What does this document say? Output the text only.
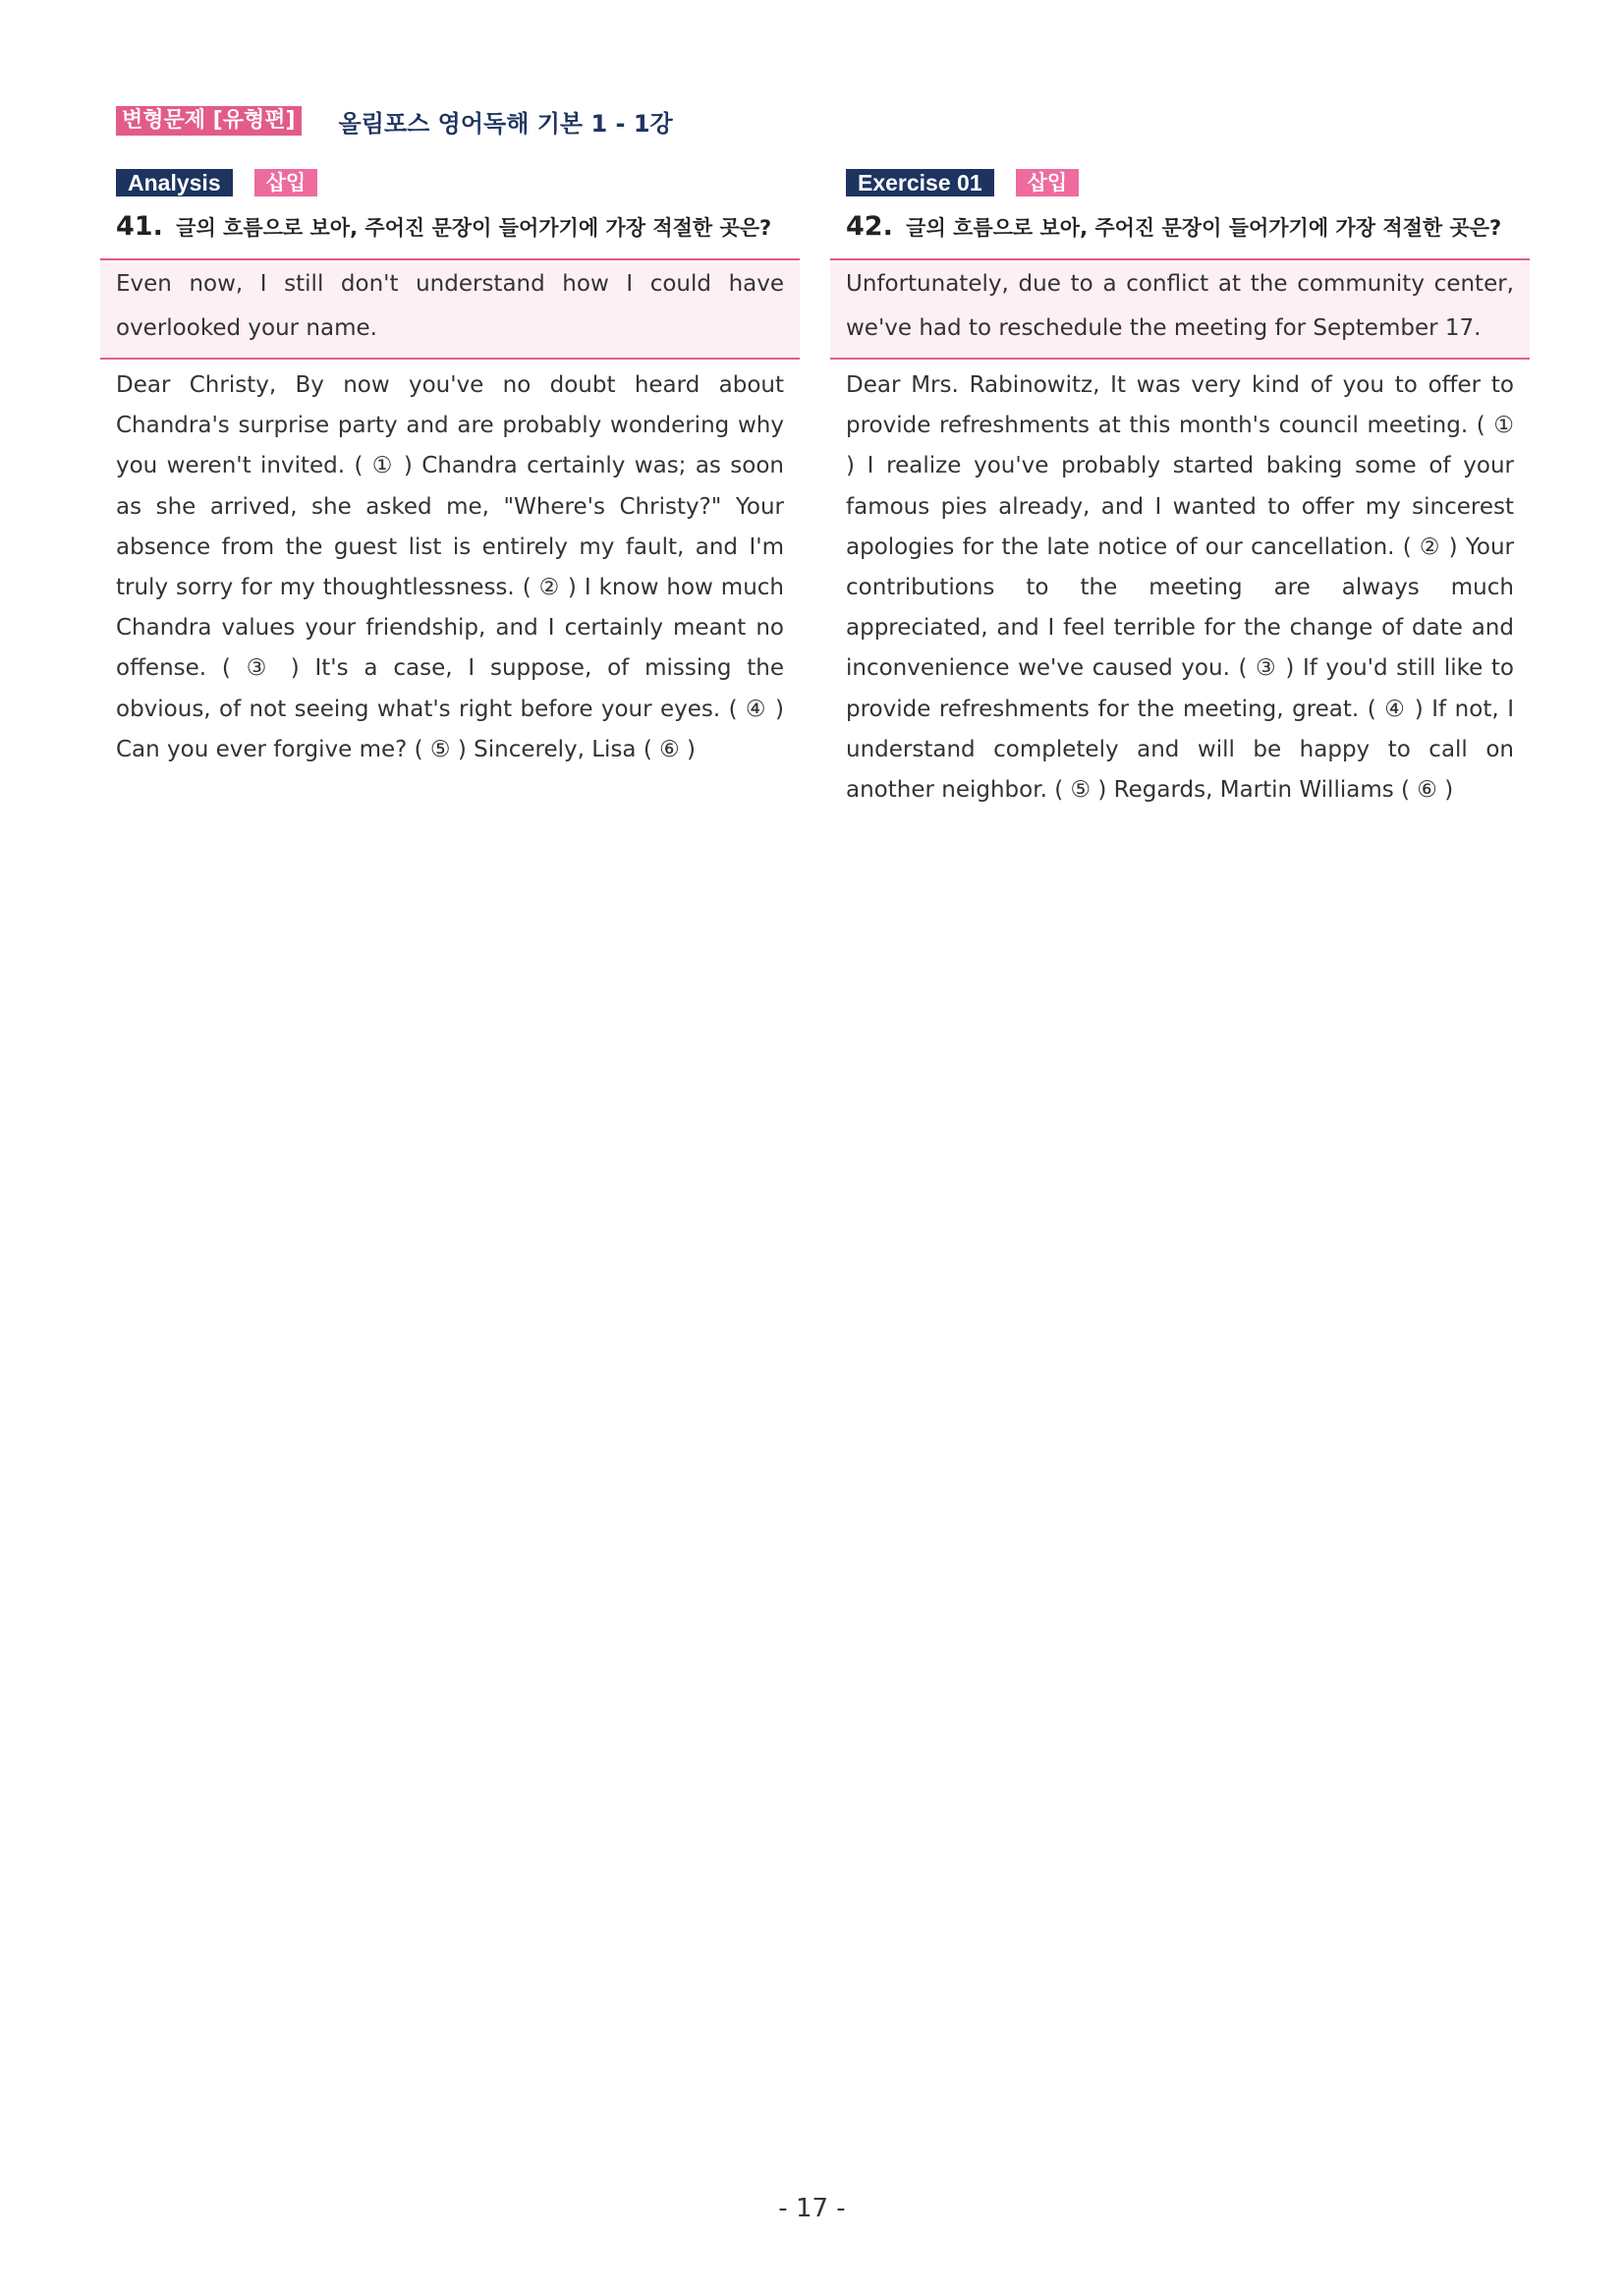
변형문제 [유형편] 올림포스 영어독해 기본 1 - 1강
Analysis	삽입
41. 글의 흐름으로 보아, 주어진 문장이 들어가기에 가장 적절한 곳은?
Even now, I still don't understand how I could have overlooked your name.
Dear Christy, By now you've no doubt heard about Chandra's surprise party and are probably wondering why you weren't invited. ( ① ) Chandra certainly was; as soon as she arrived, she asked me, "Where's Christy?" Your absence from the guest list is entirely my fault, and I'm truly sorry for my thoughtlessness. ( ② ) I know how much Chandra values your friendship, and I certainly meant no offense. ( ③ ) It's a case, I suppose, of missing the obvious, of not seeing what's right before your eyes. ( ④ ) Can you ever forgive me? ( ⑤ ) Sincerely, Lisa ( ⑥ )
Exercise 01	삽입
42. 글의 흐름으로 보아, 주어진 문장이 들어가기에 가장 적절한 곳은?
Unfortunately, due to a conflict at the community center, we've had to reschedule the meeting for September 17.
Dear Mrs. Rabinowitz, It was very kind of you to offer to provide refreshments at this month's council meeting. ( ① ) I realize you've probably started baking some of your famous pies already, and I wanted to offer my sincerest apologies for the late notice of our cancellation. ( ② ) Your contributions to the meeting are always much appreciated, and I feel terrible for the change of date and inconvenience we've caused you. ( ③ ) If you'd still like to provide refreshments for the meeting, great. ( ④ ) If not, I understand completely and will be happy to call on another neighbor. ( ⑤ ) Regards, Martin Williams ( ⑥ )
- 17 -
